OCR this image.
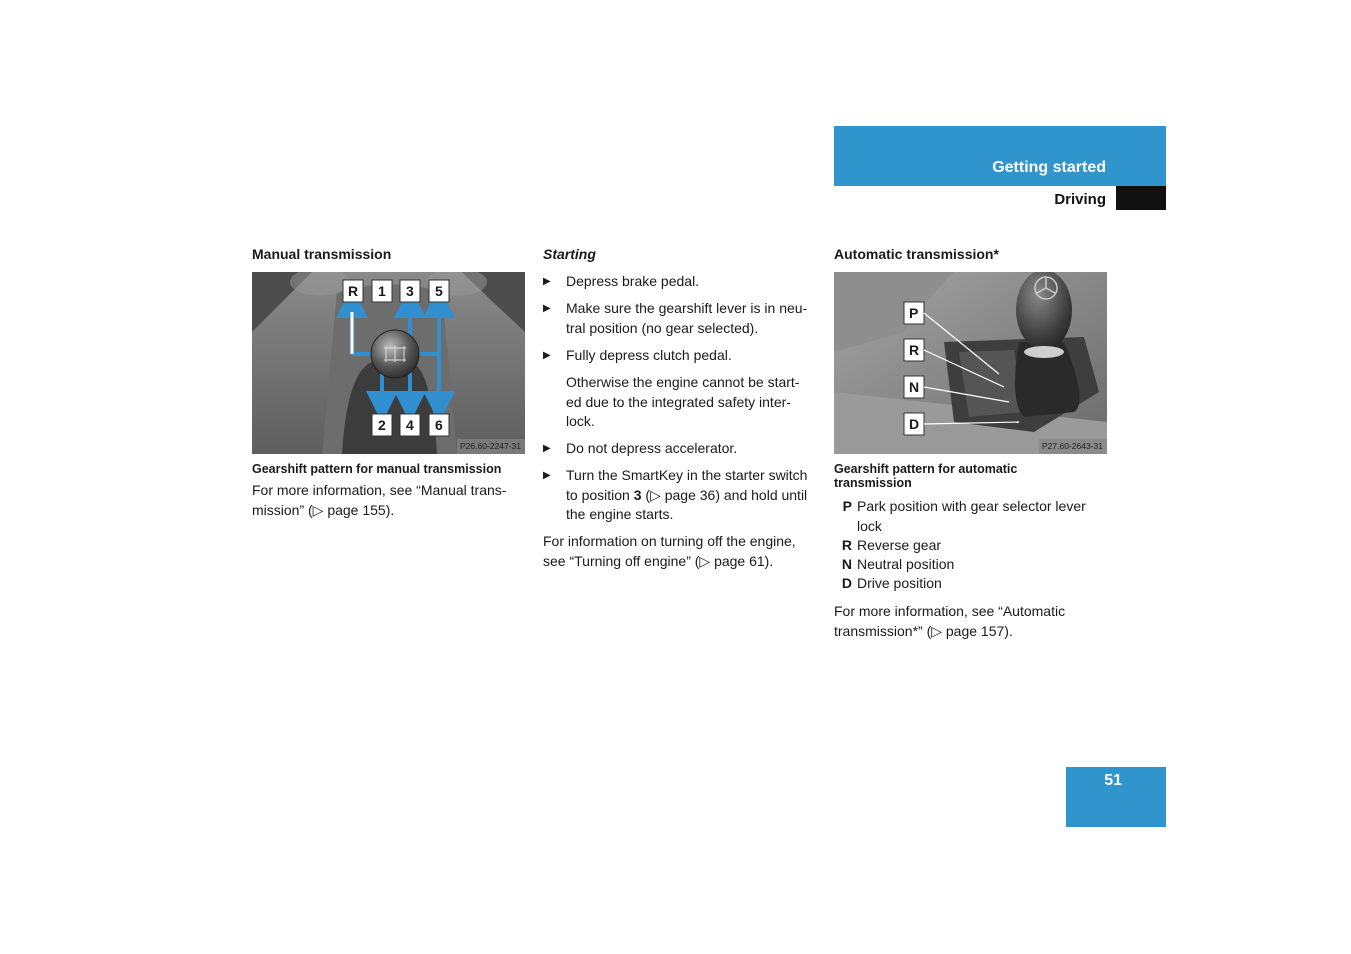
Getting started
Driving
Manual transmission
R 1 3 5
2 4 6
P26.60-2247-31
Gearshift pattern for manual transmission
For more information, see “Manual trans-
mission” (▷ page 155).
Starting
▶ Depress brake pedal.
▶ Make sure the gearshift lever is in neu-
tral position (no gear selected).
▶ Fully depress clutch pedal.
Otherwise the engine cannot be start-
ed due to the integrated safety inter-
lock.
▶ Do not depress accelerator.
▶ Turn the SmartKey in the starter switch
to position 3 (▷ page 36) and hold until
the engine starts.
For information on turning off the engine,
see “Turning off engine” (▷ page 61).
Automatic transmission*
P
R
N
D
P27.60-2643-31
Gearshift pattern for automatic
transmission
P Park position with gear selector lever
lock
R Reverse gear
N Neutral position
D Drive position
For more information, see “Automatic
transmission*” (▷ page 157).
51
